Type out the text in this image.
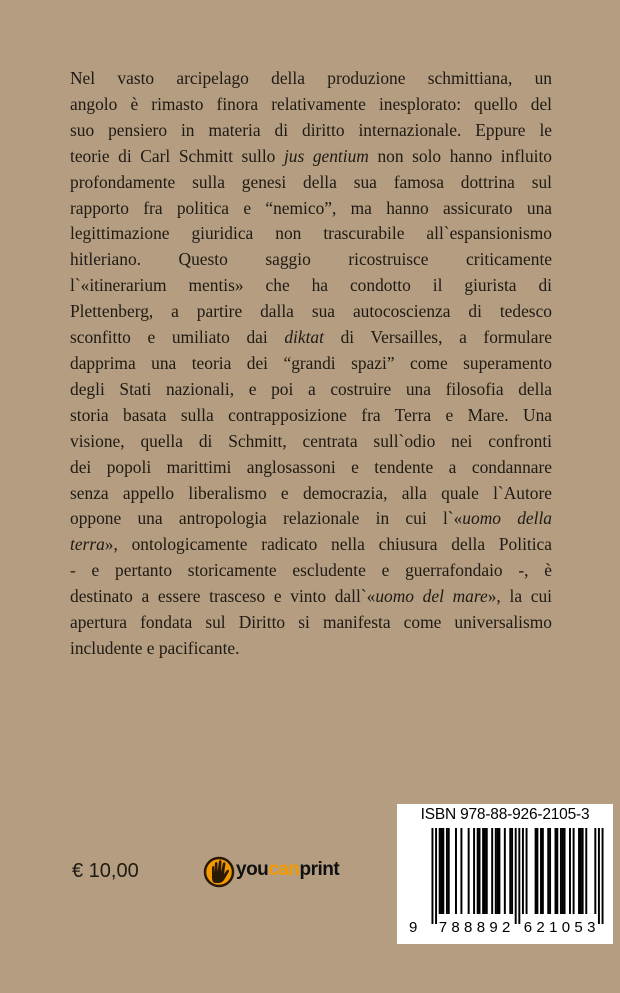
Nel vasto arcipelago della produzione schmittiana, un
angolo è rimasto finora relativamente inesplorato: quello del
suo pensiero in materia di diritto internazionale. Eppure le
teorie di Carl Schmitt sullo jus gentium non solo hanno influito
profondamente sulla genesi della sua famosa dottrina sul
rapporto fra politica e “nemico”, ma hanno assicurato una
legittimazione giuridica non trascurabile all`espansionismo
hitleriano. Questo saggio ricostruisce criticamente
l`«itinerarium mentis» che ha condotto il giurista di
Plettenberg, a partire dalla sua autocoscienza di tedesco
sconfitto e umiliato dai diktat di Versailles, a formulare
dapprima una teoria dei “grandi spazi” come superamento
degli Stati nazionali, e poi a costruire una filosofia della
storia basata sulla contrapposizione fra Terra e Mare. Una
visione, quella di Schmitt, centrata sull`odio nei confronti
dei popoli marittimi anglosassoni e tendente a condannare
senza appello liberalismo e democrazia, alla quale l`Autore
oppone una antropologia relazionale in cui l`«uomo della
terra», ontologicamente radicato nella chiusura della Politica
- e pertanto storicamente escludente e guerrafondaio -, è
destinato a essere trasceso e vinto dall`«uomo del mare», la cui
apertura fondata sul Diritto si manifesta come universalismo
includente e pacificante.
€ 10,00	youcanprint
ISBN 978-88-926-2105-3
9 7 8 8 8 9 2 6 2 1 0 5 3
